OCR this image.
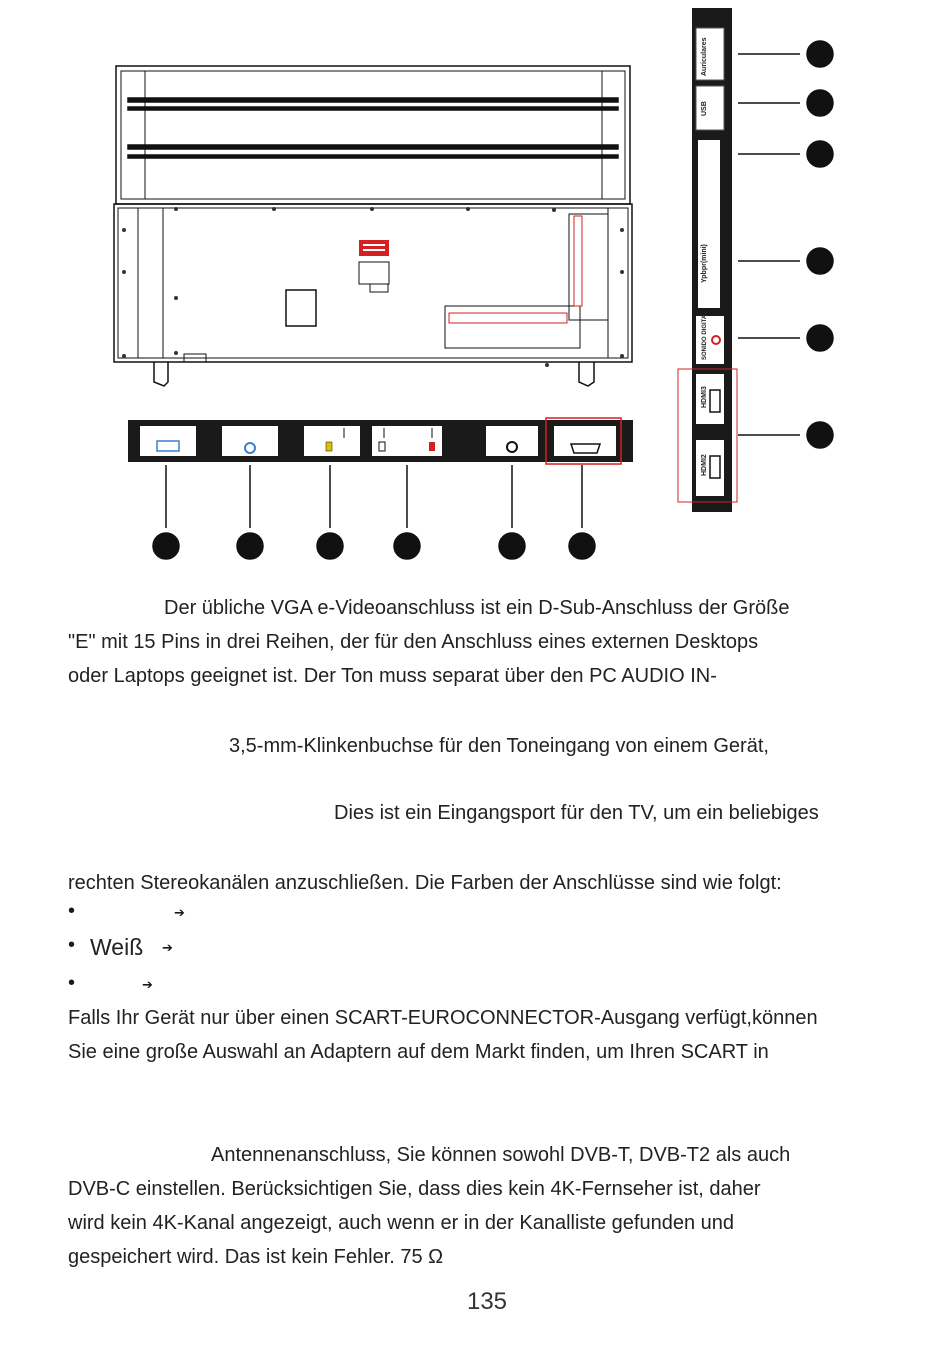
Auriculares
USB
Ypbpr(mini)
SONIDO DIGITAL
HDMI3
HDMI2
Der übliche VGA e-Videoanschluss ist ein D-Sub-Anschluss der Größe
"E" mit 15 Pins in drei Reihen, der für den Anschluss eines externen Desktops
oder Laptops geeignet ist. Der Ton muss separat über den PC AUDIO IN-
3,5-mm-Klinkenbuchse für den Toneingang von einem Gerät,
Dies ist ein Eingangsport für den TV, um ein beliebiges
rechten Stereokanälen anzuschließen. Die Farben der Anschlüsse sind wie folgt:
•	➔
• Weiß ➔
•	➔
Falls Ihr Gerät nur über einen SCART-EUROCONNECTOR-Ausgang verfügt,können
Sie eine große Auswahl an Adaptern auf dem Markt finden, um Ihren SCART in
Antennenanschluss, Sie können sowohl DVB-T, DVB-T2 als auch
DVB-C einstellen. Berücksichtigen Sie, dass dies kein 4K-Fernseher ist, daher
wird kein 4K-Kanal angezeigt, auch wenn er in der Kanalliste gefunden und
gespeichert wird. Das ist kein Fehler. 75 Ω
135
